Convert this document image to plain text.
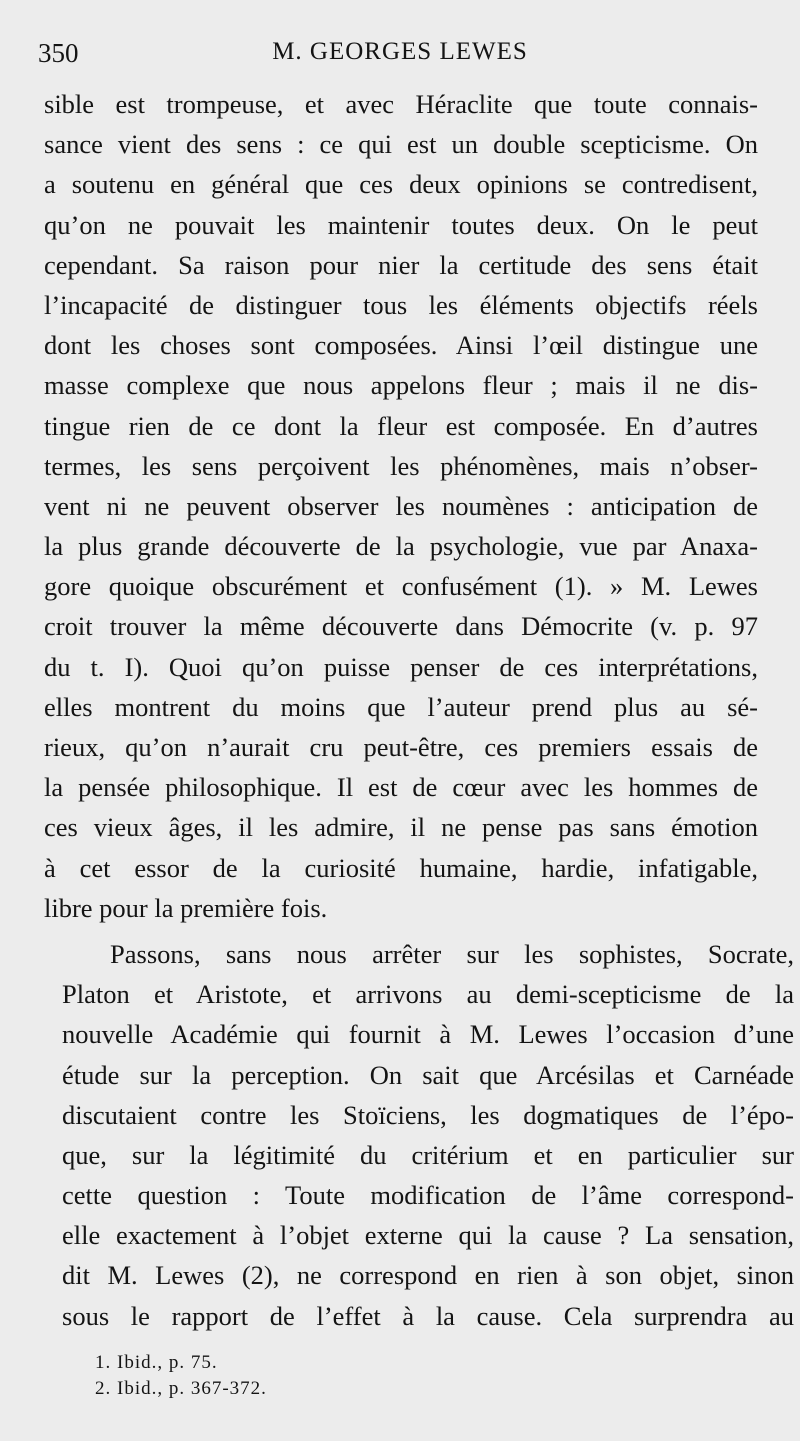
350	M. GEORGES LEWES
sible est trompeuse, et avec Héraclite que toute connais-
sance vient des sens : ce qui est un double scepticisme. On
a soutenu en général que ces deux opinions se contredisent,
qu’on ne pouvait les maintenir toutes deux. On le peut
cependant. Sa raison pour nier la certitude des sens était
l’incapacité de distinguer tous les éléments objectifs réels
dont les choses sont composées. Ainsi l’œil distingue une
masse complexe que nous appelons fleur ; mais il ne dis-
tingue rien de ce dont la fleur est composée. En d’autres
termes, les sens perçoivent les phénomènes, mais n’obser-
vent ni ne peuvent observer les noumènes : anticipation de
la plus grande découverte de la psychologie, vue par Anaxa-
gore quoique obscurément et confusément (1). » M. Lewes
croit trouver la même découverte dans Démocrite (v. p. 97
du t. I). Quoi qu’on puisse penser de ces interprétations,
elles montrent du moins que l’auteur prend plus au sé-
rieux, qu’on n’aurait cru peut-être, ces premiers essais de
la pensée philosophique. Il est de cœur avec les hommes de
ces vieux âges, il les admire, il ne pense pas sans émotion
à cet essor de la curiosité humaine, hardie, infatigable,
libre pour la première fois.
Passons, sans nous arrêter sur les sophistes, Socrate,
Platon et Aristote, et arrivons au demi-scepticisme de la
nouvelle Académie qui fournit à M. Lewes l’occasion d’une
étude sur la perception. On sait que Arcésilas et Carnéade
discutaient contre les Stoïciens, les dogmatiques de l’épo-
que, sur la légitimité du critérium et en particulier sur
cette question : Toute modification de l’âme correspond-
elle exactement à l’objet externe qui la cause ? La sensation,
dit M. Lewes (2), ne correspond en rien à son objet, sinon
sous le rapport de l’effet à la cause. Cela surprendra au
1. Ibid., p. 75.
2. Ibid., p. 367-372.
